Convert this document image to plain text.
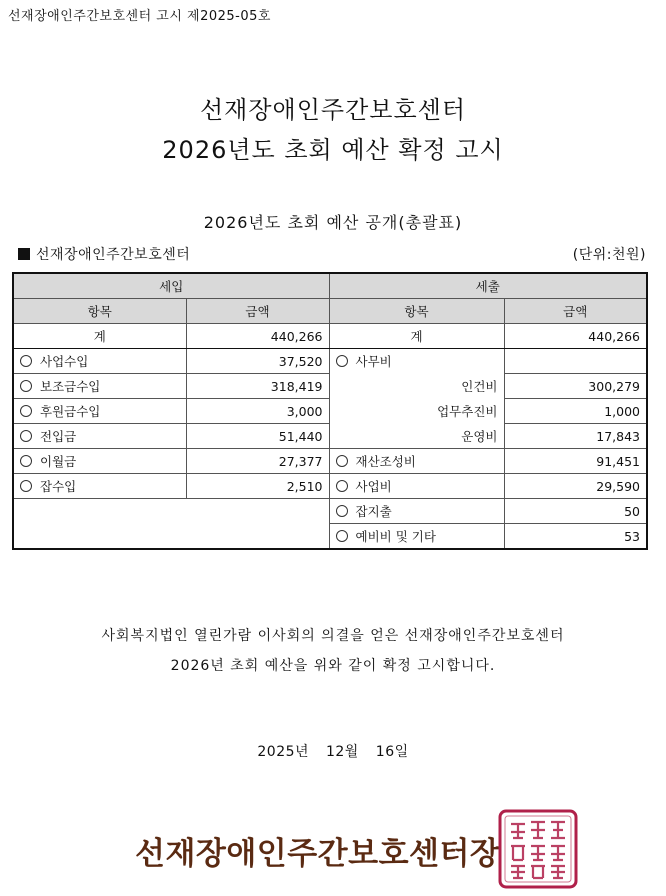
선재장애인주간보호센터 고시 제2025-05호
선재장애인주간보호센터
2026년도 초회 예산 확정 고시
2026년도 초회 예산 공개(총괄표)
선재장애인주간보호센터	(단위:천원)
세입		세출	
항목	금액	항목	금액
계	440,266	계	440,266
사업수입	37,520	사무비	
보조금수입	318,419	인건비	300,279
후원금수입	3,000	업무추진비	1,000
전입금	51,440	운영비	17,843
이월금	27,377	재산조성비	91,451
잡수입	2,510	사업비	29,590
		잡지출	50
		예비비 및 기타	53
사회복지법인 열린가람 이사회의 의결을 얻은 선재장애인주간보호센터
2026년 초회 예산을 위와 같이 확정 고시합니다.
2025년 12월 16일
선재장애인주간보호센터장
